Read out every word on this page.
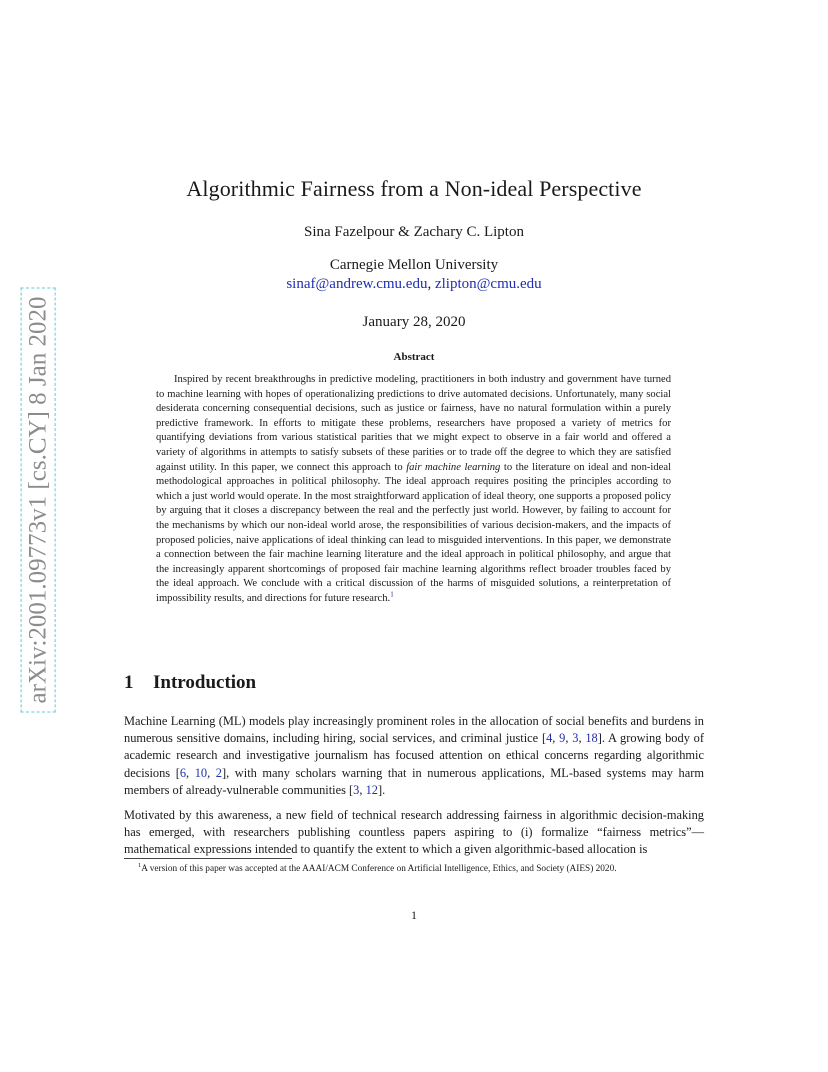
arXiv:2001.09773v1 [cs.CY] 8 Jan 2020
Algorithmic Fairness from a Non-ideal Perspective
Sina Fazelpour & Zachary C. Lipton
Carnegie Mellon University
sinaf@andrew.cmu.edu, zlipton@cmu.edu
January 28, 2020
Abstract

Inspired by recent breakthroughs in predictive modeling, practitioners in both industry and government have turned to machine learning with hopes of operationalizing predictions to drive automated decisions. Unfortunately, many social desiderata concerning consequential decisions, such as justice or fairness, have no natural formulation within a purely predictive framework. In efforts to mitigate these problems, researchers have proposed a variety of metrics for quantifying deviations from various statistical parities that we might expect to observe in a fair world and offered a variety of algorithms in attempts to satisfy subsets of these parities or to trade off the degree to which they are satisfied against utility. In this paper, we connect this approach to fair machine learning to the literature on ideal and non-ideal methodological approaches in political philosophy. The ideal approach requires positing the principles according to which a just world would operate. In the most straightforward application of ideal theory, one supports a proposed policy by arguing that it closes a discrepancy between the real and the perfectly just world. However, by failing to account for the mechanisms by which our non-ideal world arose, the responsibilities of various decision-makers, and the impacts of proposed policies, naive applications of ideal thinking can lead to misguided interventions. In this paper, we demonstrate a connection between the fair machine learning literature and the ideal approach in political philosophy, and argue that the increasingly apparent shortcomings of proposed fair machine learning algorithms reflect broader troubles faced by the ideal approach. We conclude with a critical discussion of the harms of misguided solutions, a reinterpretation of impossibility results, and directions for future research.$^1$

1 Introduction

Machine Learning (ML) models play increasingly prominent roles in the allocation of social benefits and burdens in numerous sensitive domains, including hiring, social services, and criminal justice [4, 9, 3, 18]. A growing body of academic research and investigative journalism has focused attention on ethical concerns regarding algorithmic decisions [6, 10, 2], with many scholars warning that in numerous applications, ML-based systems may harm members of already-vulnerable communities [3, 12].

Motivated by this awareness, a new field of technical research addressing fairness in algorithmic decision-making has emerged, with researchers publishing countless papers aspiring to (i) formalize “fairness metrics”—mathematical expressions intended to quantify the extent to which a given algorithmic-based allocation is

$^1$A version of this paper was accepted at the AAAI/ACM Conference on Artificial Intelligence, Ethics, and Society (AIES) 2020.

1
